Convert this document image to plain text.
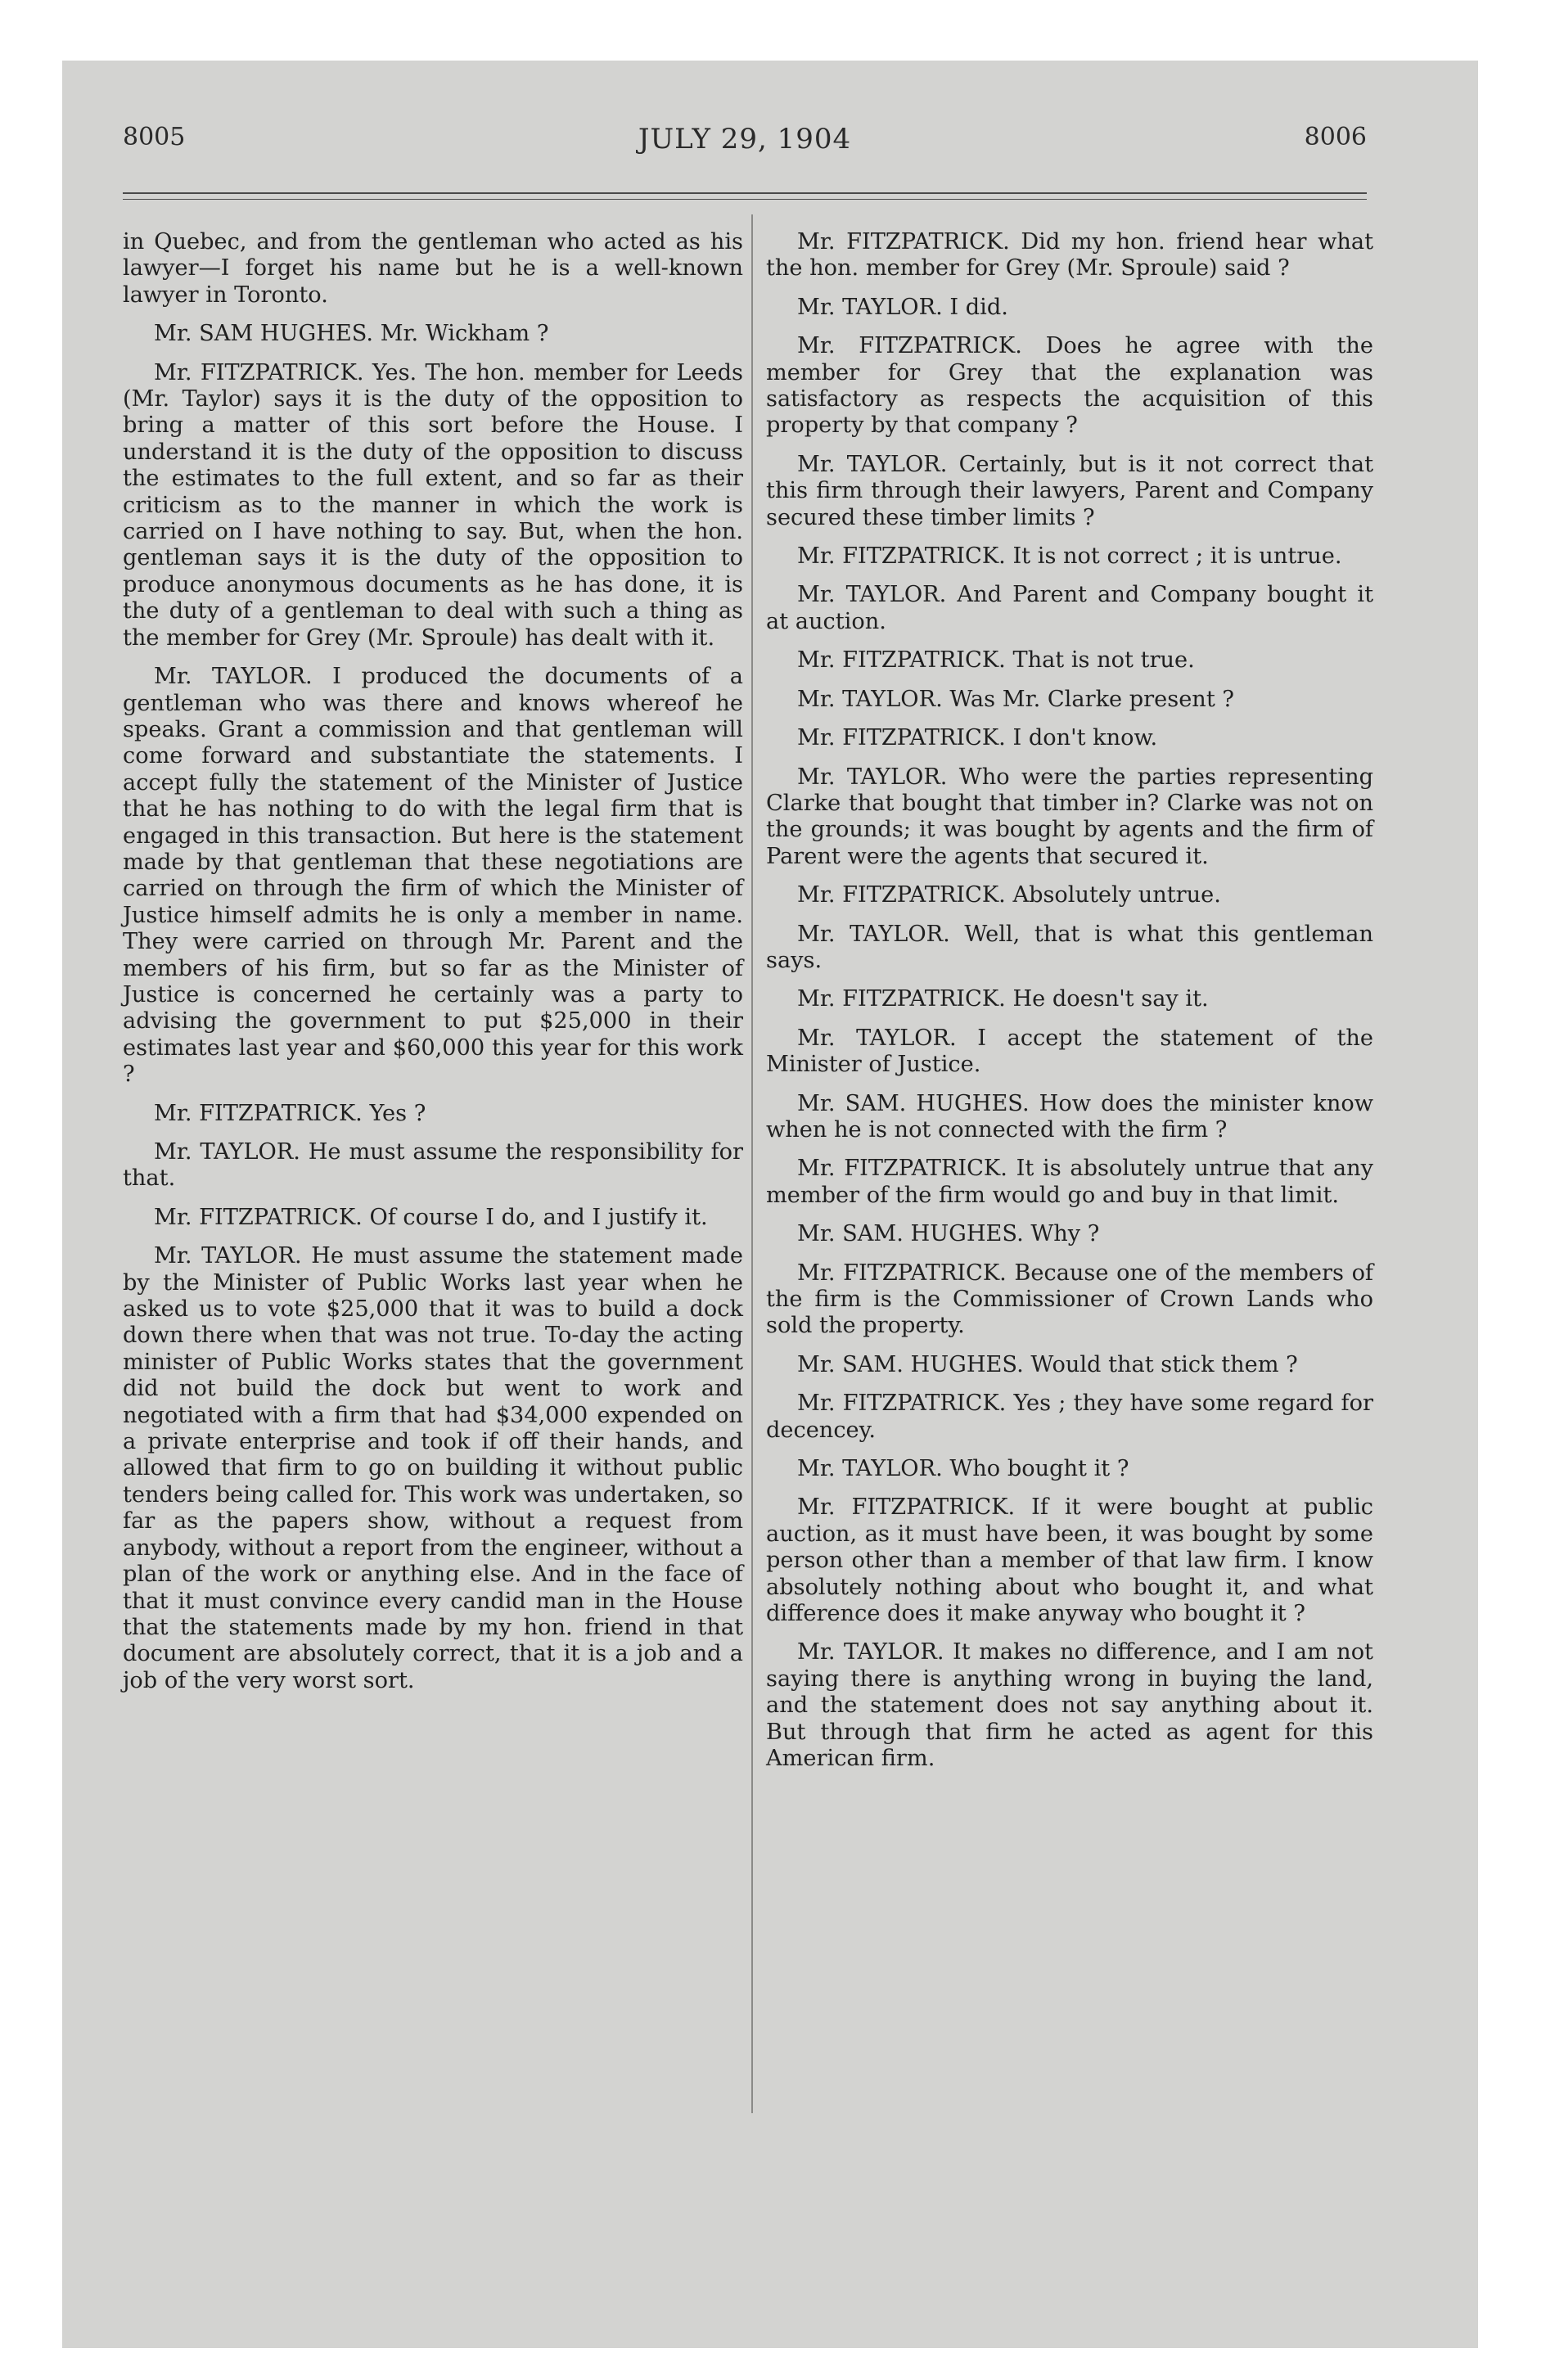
8005	JULY 29, 1904	8006

in Quebec, and from the gentleman who acted as his lawyer—I forget his name but he is a well-known lawyer in Toronto.

Mr. SAM HUGHES. Mr. Wickham ?

Mr. FITZPATRICK. Yes. The hon. member for Leeds (Mr. Taylor) says it is the duty of the opposition to bring a matter of this sort before the House. I understand it is the duty of the opposition to discuss the estimates to the full extent, and so far as their criticism as to the manner in which the work is carried on I have nothing to say. But, when the hon. gentleman says it is the duty of the opposition to produce anonymous documents as he has done, it is the duty of a gentleman to deal with such a thing as the member for Grey (Mr. Sproule) has dealt with it.

Mr. TAYLOR. I produced the documents of a gentleman who was there and knows whereof he speaks. Grant a commission and that gentleman will come forward and substantiate the statements. I accept fully the statement of the Minister of Justice that he has nothing to do with the legal firm that is engaged in this transaction. But here is the statement made by that gentleman that these negotiations are carried on through the firm of which the Minister of Justice himself admits he is only a member in name. They were carried on through Mr. Parent and the members of his firm, but so far as the Minister of Justice is concerned he certainly was a party to advising the government to put $25,000 in their estimates last year and $60,000 this year for this work ?

Mr. FITZPATRICK. Yes ?

Mr. TAYLOR. He must assume the responsibility for that.

Mr. FITZPATRICK. Of course I do, and I justify it.

Mr. TAYLOR. He must assume the statement made by the Minister of Public Works last year when he asked us to vote $25,000 that it was to build a dock down there when that was not true. To-day the acting minister of Public Works states that the government did not build the dock but went to work and negotiated with a firm that had $34,000 expended on a private enterprise and took if off their hands, and allowed that firm to go on building it without public tenders being called for. This work was undertaken, so far as the papers show, without a request from anybody, without a report from the engineer, without a plan of the work or anything else. And in the face of that it must convince every candid man in the House that the statements made by my hon. friend in that document are absolutely correct, that it is a job and a job of the very worst sort.

Mr. FITZPATRICK. Did my hon. friend hear what the hon. member for Grey (Mr. Sproule) said ?

Mr. TAYLOR. I did.

Mr. FITZPATRICK. Does he agree with the member for Grey that the explanation was satisfactory as respects the acquisition of this property by that company ?

Mr. TAYLOR. Certainly, but is it not correct that this firm through their lawyers, Parent and Company secured these timber limits ?

Mr. FITZPATRICK. It is not correct ; it is untrue.

Mr. TAYLOR. And Parent and Company bought it at auction.

Mr. FITZPATRICK. That is not true.

Mr. TAYLOR. Was Mr. Clarke present ?

Mr. FITZPATRICK. I don't know.

Mr. TAYLOR. Who were the parties representing Clarke that bought that timber in? Clarke was not on the grounds; it was bought by agents and the firm of Parent were the agents that secured it.

Mr. FITZPATRICK. Absolutely untrue.

Mr. TAYLOR. Well, that is what this gentleman says.

Mr. FITZPATRICK. He doesn't say it.

Mr. TAYLOR. I accept the statement of the Minister of Justice.

Mr. SAM. HUGHES. How does the minister know when he is not connected with the firm ?

Mr. FITZPATRICK. It is absolutely untrue that any member of the firm would go and buy in that limit.

Mr. SAM. HUGHES. Why ?

Mr. FITZPATRICK. Because one of the members of the firm is the Commissioner of Crown Lands who sold the property.

Mr. SAM. HUGHES. Would that stick them ?

Mr. FITZPATRICK. Yes ; they have some regard for decencey.

Mr. TAYLOR. Who bought it ?

Mr. FITZPATRICK. If it were bought at public auction, as it must have been, it was bought by some person other than a member of that law firm. I know absolutely nothing about who bought it, and what difference does it make anyway who bought it ?

Mr. TAYLOR. It makes no difference, and I am not saying there is anything wrong in buying the land, and the statement does not say anything about it. But through that firm he acted as agent for this American firm.
